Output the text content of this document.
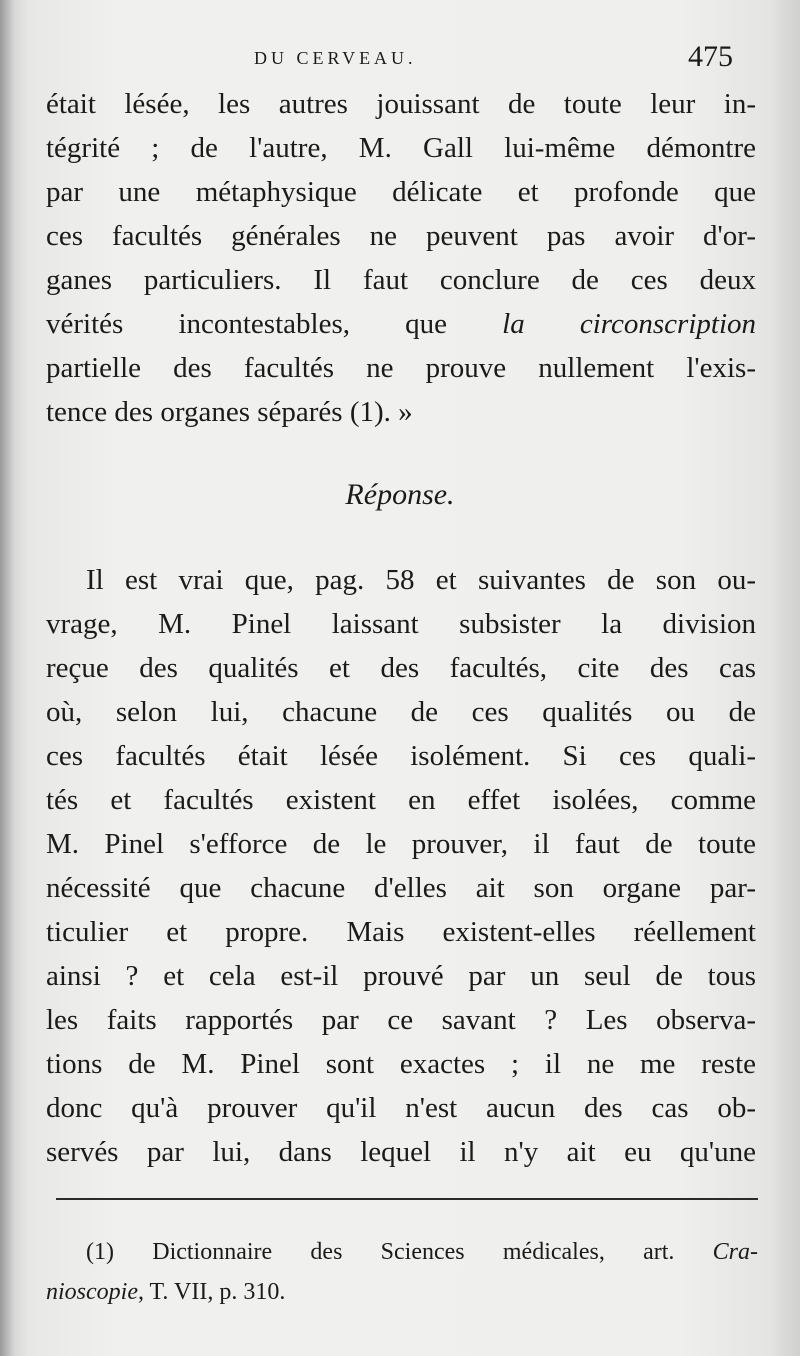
DU CERVEAU.	475
était lésée, les autres jouissant de toute leur in-
tégrité ; de l'autre, M. Gall lui-même démontre
par une métaphysique délicate et profonde que
ces facultés générales ne peuvent pas avoir d'or-
ganes particuliers. Il faut conclure de ces deux
vérités incontestables, que la circonscription
partielle des facultés ne prouve nullement l'exis-
tence des organes séparés (1). »
Réponse.
Il est vrai que, pag. 58 et suivantes de son ou-
vrage, M. Pinel laissant subsister la division
reçue des qualités et des facultés, cite des cas
où, selon lui, chacune de ces qualités ou de
ces facultés était lésée isolément. Si ces quali-
tés et facultés existent en effet isolées, comme
M. Pinel s'efforce de le prouver, il faut de toute
nécessité que chacune d'elles ait son organe par-
ticulier et propre. Mais existent-elles réellement
ainsi ? et cela est-il prouvé par un seul de tous
les faits rapportés par ce savant ? Les observa-
tions de M. Pinel sont exactes ; il ne me reste
donc qu'à prouver qu'il n'est aucun des cas ob-
servés par lui, dans lequel il n'y ait eu qu'une
(1) Dictionnaire des Sciences médicales, art. Cra-
nioscopie, T. VII, p. 310.
